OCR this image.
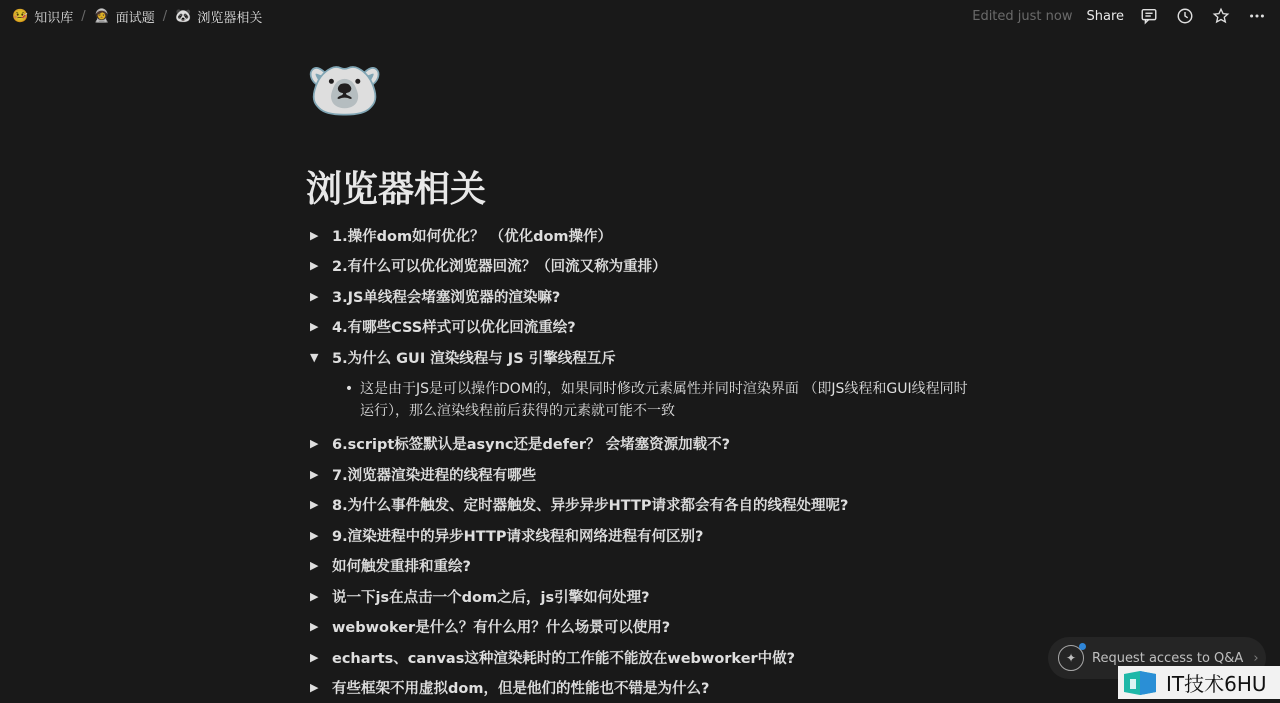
🤒 知识库 / 🧑‍🚀 面试题 / 🐼 浏览器相关	Edited just now Share
🐻‍❄️
浏览器相关
▶ 1.操作dom如何优化？ （优化dom操作）
▶ 2.有什么可以优化浏览器回流？（回流又称为重排）
▶ 3.JS单线程会堵塞浏览器的渲染嘛?
▶ 4.有哪些CSS样式可以优化回流重绘?
▼ 5.为什么 GUI 渲染线程与 JS 引擎线程互斥
• 这是由于JS是可以操作DOM的，如果同时修改元素属性并同时渲染界面 （即JS线程和GUI线程同时运行），那么渲染线程前后获得的元素就可能不一致
▶ 6.script标签默认是async还是defer？ 会堵塞资源加载不?
▶ 7.浏览器渲染进程的线程有哪些
▶ 8.为什么事件触发、定时器触发、异步异步HTTP请求都会有各自的线程处理呢?
▶ 9.渲染进程中的异步HTTP请求线程和网络进程有何区别?
▶ 如何触发重排和重绘?
▶ 说一下js在点击一个dom之后，js引擎如何处理?
▶ webwoker是什么？有什么用？什么场景可以使用?
▶ echarts、canvas这种渲染耗时的工作能不能放在webworker中做?
▶ 有些框架不用虚拟dom，但是他们的性能也不错是为什么?
✦	Request access to Q&A ›
IT技术6HU
